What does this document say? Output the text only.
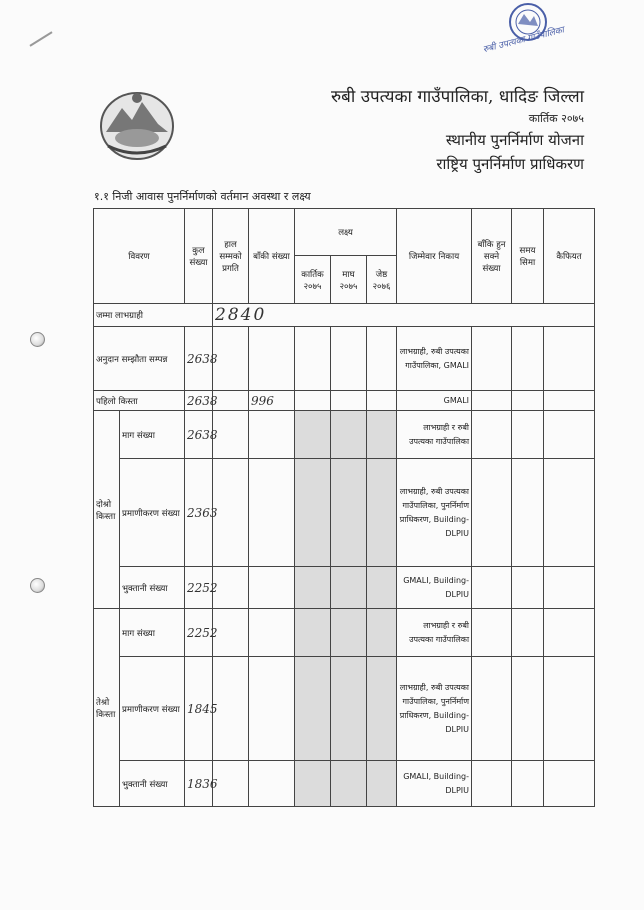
रुबी उपत्यका गाउँपालिका
रुबी उपत्यका गाउँपालिका, धादिङ जिल्ला
कार्तिक २०७५
स्थानीय पुनर्निर्माण योजना
राष्ट्रिय पुनर्निर्माण प्राधिकरण
१.१ निजी आवास पुनर्निर्माणको वर्तमान अवस्था र लक्ष्य
विवरण		कुल संख्या	हाल सम्मको प्रगति	बाँकी संख्या	लक्ष्य			जिम्मेवार निकाय	बाँकि हुन सक्ने संख्या	समय सिमा	कैफियत
					कार्तिक २०७५	माघ २०७५	जेष्ठ २०७६				
जम्मा लाभग्राही			2840								
अनुदान सम्झौता सम्पन्न		2638						लाभग्राही, रुबी उपत्यका गाउँपालिका, GMALI			
पहिलो किस्ता		2638		996				GMALI			
दोश्रो किस्ता	माग संख्या	2638						लाभग्राही र रुबी उपत्यका गाउँपालिका			
	प्रमाणीकरण संख्या	2363						लाभग्राही, रुबी उपत्यका गाउँपालिका, पुनर्निर्माण प्राधिकरण, Building-DLPIU			
	भुक्तानी संख्या	2252						GMALI, Building-DLPIU			
तेश्रो किस्ता	माग संख्या	2252						लाभग्राही र रुबी उपत्यका गाउँपालिका			
	प्रमाणीकरण संख्या	1845						लाभग्राही, रुबी उपत्यका गाउँपालिका, पुनर्निर्माण प्राधिकरण, Building-DLPIU			
	भुक्तानी संख्या	1836						GMALI, Building-DLPIU			
